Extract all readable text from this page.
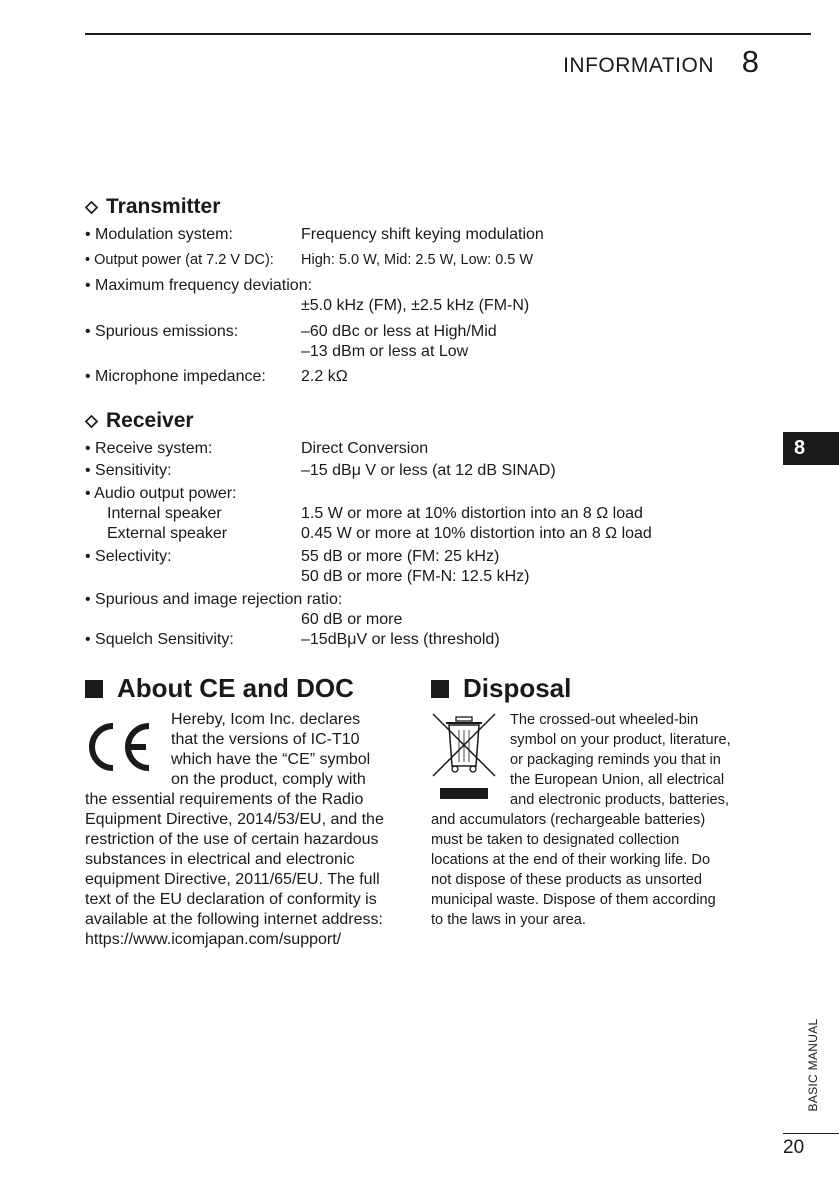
INFORMATION 8
Transmitter
• Modulation system:	Frequency shift keying modulation
• Output power (at 7.2 V DC): High: 5.0 W, Mid: 2.5 W, Low: 0.5 W
• Maximum frequency deviation:
±5.0 kHz (FM), ±2.5 kHz (FM-N)
• Spurious emissions:	–60 dBc or less at High/Mid
–13 dBm or less at Low
• Microphone impedance: 2.2 kΩ
Receiver
• Receive system:	Direct Conversion
• Sensitivity:	–15 dBμ V or less (at 12 dB SINAD)
• Audio output power:
Internal speaker	1.5 W or more at 10% distortion into an 8 Ω load
External speaker	0.45 W or more at 10% distortion into an 8 Ω load
• Selectivity:	55 dB or more (FM: 25 kHz)
50 dB or more (FM-N: 12.5 kHz)
• Spurious and image rejection ratio:
60 dB or more
• Squelch Sensitivity:	–15dBμV or less (threshold)
About CE and DOC
Hereby, Icom Inc. declares
that the versions of IC-T10
which have the “CE” symbol
on the product, comply with
the essential requirements of the Radio
Equipment Directive, 2014/53/EU, and the
restriction of the use of certain hazardous
substances in electrical and electronic
equipment Directive, 2011/65/EU. The full
text of the EU declaration of conformity is
available at the following internet address:
https://www.icomjapan.com/support/
Disposal
The crossed-out wheeled-bin
symbol on your product, literature,
or packaging reminds you that in
the European Union, all electrical
and electronic products, batteries,
and accumulators (rechargeable batteries)
must be taken to designated collection
locations at the end of their working life. Do
not dispose of these products as unsorted
municipal waste. Dispose of them according
to the laws in your area.
8
BASIC MANUAL
20
